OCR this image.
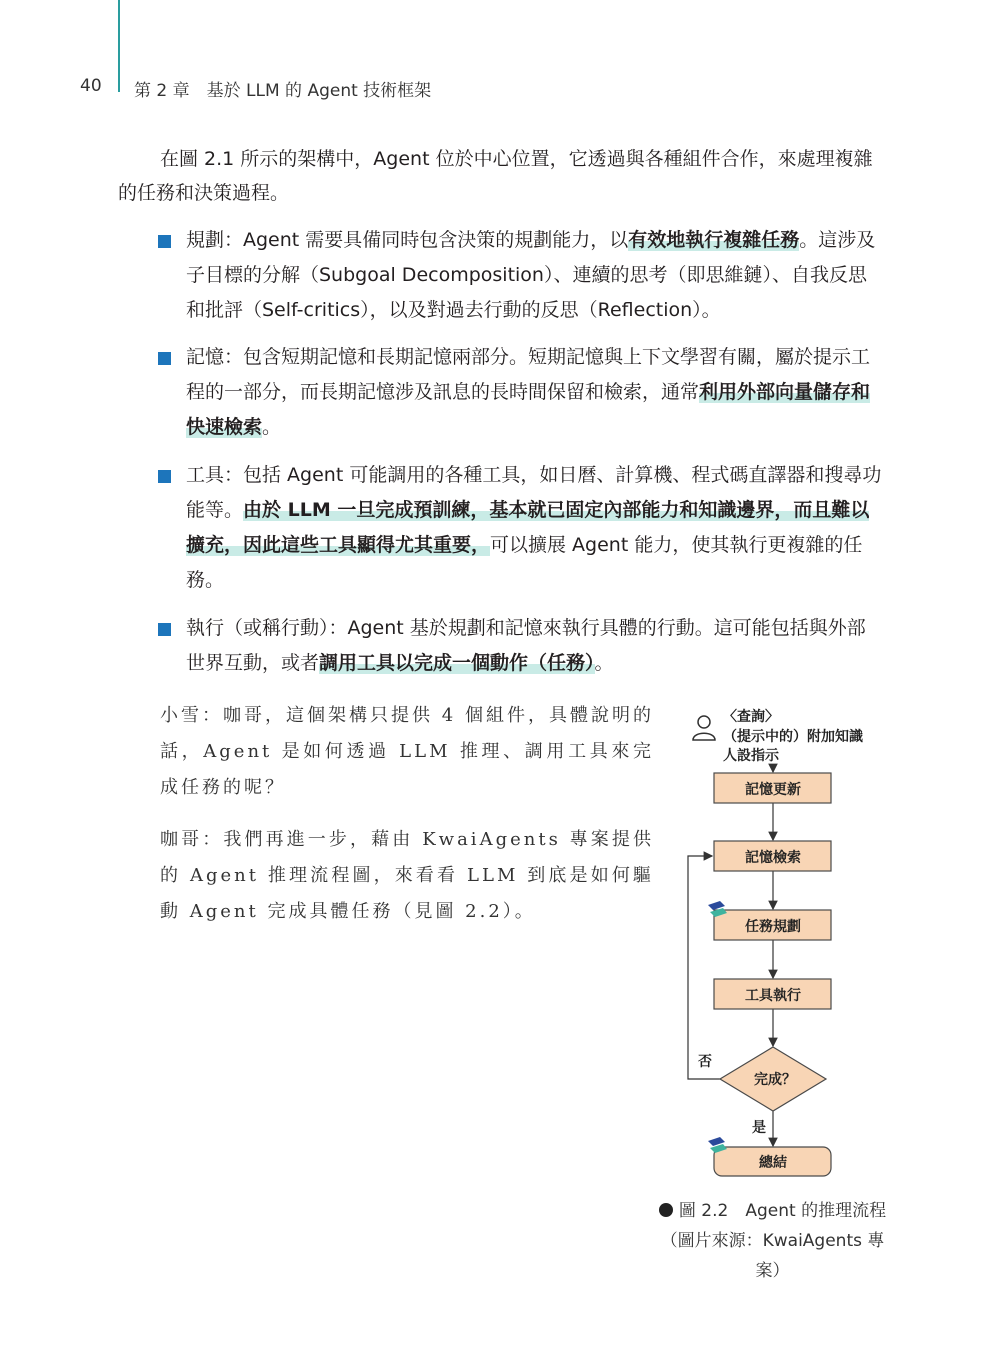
40 第 2 章　基於 LLM 的 Agent 技術框架
在圖 2.1 所示的架構中，Agent 位於中心位置，它透過與各種組件合作，來處理複雜的任務和決策過程。
規劃：Agent 需要具備同時包含決策的規劃能力，以有效地執行複雜任務。這涉及子目標的分解（Subgoal Decomposition）、連續的思考（即思維鏈）、自我反思和批評（Self-critics），以及對過去行動的反思（Reflection）。
記憶：包含短期記憶和長期記憶兩部分。短期記憶與上下文學習有關，屬於提示工程的一部分，而長期記憶涉及訊息的長時間保留和檢索，通常利用外部向量儲存和快速檢索。
工具：包括 Agent 可能調用的各種工具，如日曆、計算機、程式碼直譯器和搜尋功能等。由於 LLM 一旦完成預訓練，基本就已固定內部能力和知識邊界，而且難以擴充，因此這些工具顯得尤其重要，可以擴展 Agent 能力，使其執行更複雜的任務。
執行（或稱行動）：Agent 基於規劃和記憶來執行具體的行動。這可能包括與外部世界互動，或者調用工具以完成一個動作（任務）。
小雪：咖哥，這個架構只提供 4 個組件，具體說明的話，Agent 是如何透過 LLM 推理、調用工具來完成任務的呢？
咖哥：我們再進一步，藉由 KwaiAgents 專案提供的 Agent 推理流程圖，來看看 LLM 到底是如何驅動 Agent 完成具體任務（見圖 2.2）。
〈查詢〉
（提示中的）附加知識
人設指示
記憶更新
記憶檢索
任務規劃
工具執行
完成？
否
是
總結
圖 2.2　Agent 的推理流程（圖片來源：KwaiAgents 專案）
